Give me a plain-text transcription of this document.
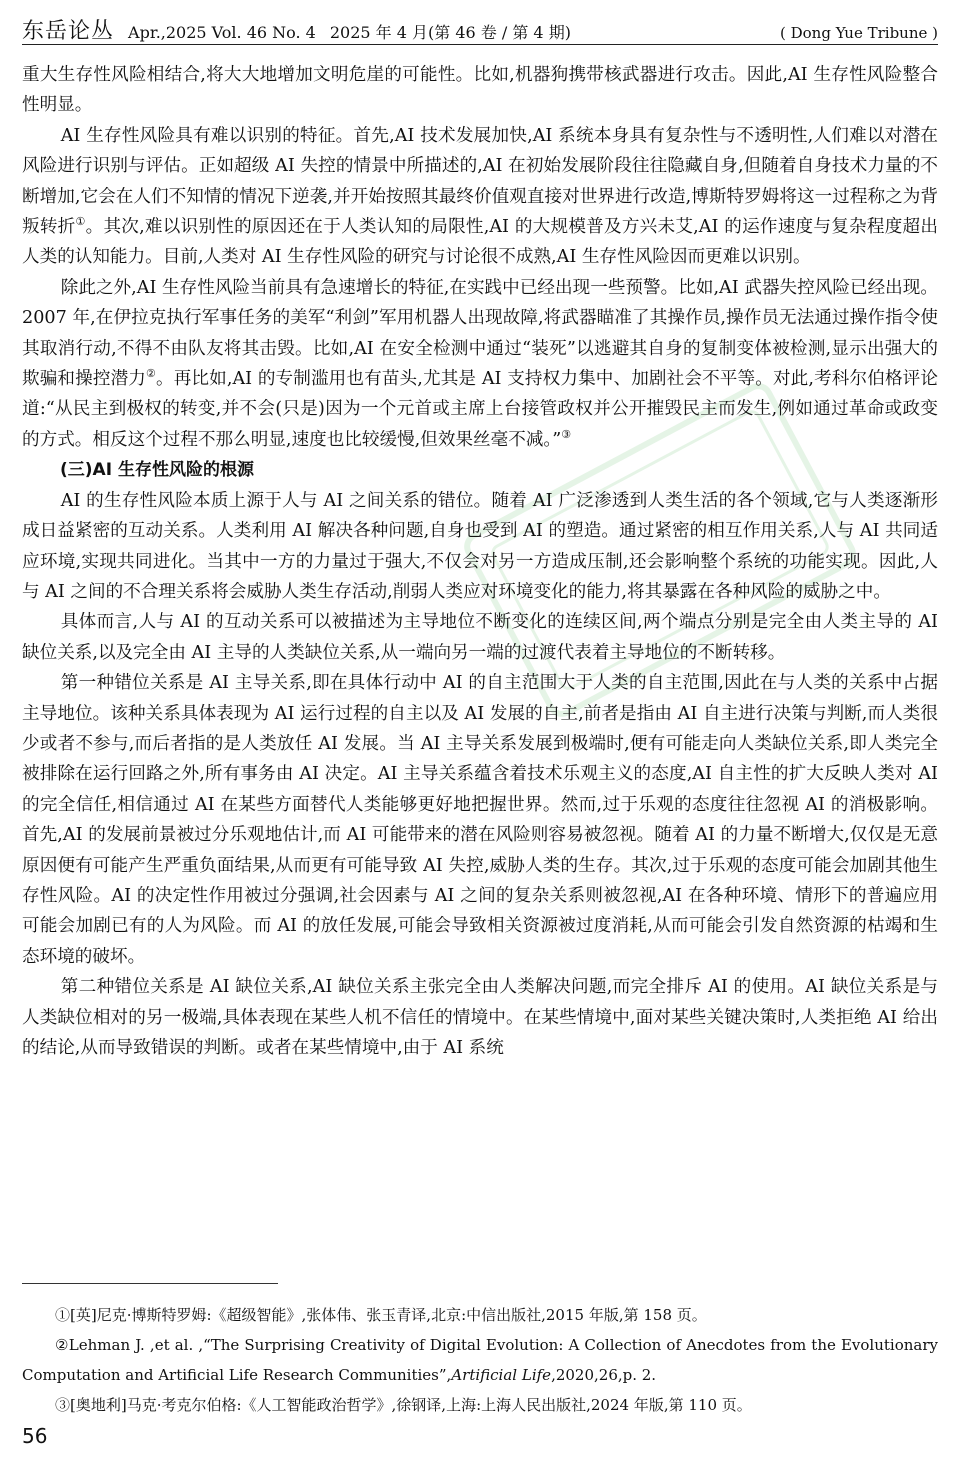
东岳论丛 Apr.,2025 Vol. 46 No. 4 2025 年 4 月(第 46 卷 / 第 4 期)	( Dong Yue Tribune )

重大生存性风险相结合,将大大地增加文明危崖的可能性。比如,机器狗携带核武器进行攻击。因此,AI 生存性风险整合性明显。

AI 生存性风险具有难以识别的特征。首先,AI 技术发展加快,AI 系统本身具有复杂性与不透明性,人们难以对潜在风险进行识别与评估。正如超级 AI 失控的情景中所描述的,AI 在初始发展阶段往往隐藏自身,但随着自身技术力量的不断增加,它会在人们不知情的情况下逆袭,并开始按照其最终价值观直接对世界进行改造,博斯特罗姆将这一过程称之为背叛转折①。其次,难以识别性的原因还在于人类认知的局限性,AI 的大规模普及方兴未艾,AI 的运作速度与复杂程度超出人类的认知能力。目前,人类对 AI 生存性风险的研究与讨论很不成熟,AI 生存性风险因而更难以识别。

除此之外,AI 生存性风险当前具有急速增长的特征,在实践中已经出现一些预警。比如,AI 武器失控风险已经出现。2007 年,在伊拉克执行军事任务的美军“利剑”军用机器人出现故障,将武器瞄准了其操作员,操作员无法通过操作指令使其取消行动,不得不由队友将其击毁。比如,AI 在安全检测中通过“装死”以逃避其自身的复制变体被检测,显示出强大的欺骗和操控潜力②。再比如,AI 的专制滥用也有苗头,尤其是 AI 支持权力集中、加剧社会不平等。对此,考科尔伯格评论道:“从民主到极权的转变,并不会(只是)因为一个元首或主席上台接管政权并公开摧毁民主而发生,例如通过革命或政变的方式。相反这个过程不那么明显,速度也比较缓慢,但效果丝毫不减。”③

(三)AI 生存性风险的根源

AI 的生存性风险本质上源于人与 AI 之间关系的错位。随着 AI 广泛渗透到人类生活的各个领域,它与人类逐渐形成日益紧密的互动关系。人类利用 AI 解决各种问题,自身也受到 AI 的塑造。通过紧密的相互作用关系,人与 AI 共同适应环境,实现共同进化。当其中一方的力量过于强大,不仅会对另一方造成压制,还会影响整个系统的功能实现。因此,人与 AI 之间的不合理关系将会威胁人类生存活动,削弱人类应对环境变化的能力,将其暴露在各种风险的威胁之中。

具体而言,人与 AI 的互动关系可以被描述为主导地位不断变化的连续区间,两个端点分别是完全由人类主导的 AI 缺位关系,以及完全由 AI 主导的人类缺位关系,从一端向另一端的过渡代表着主导地位的不断转移。

第一种错位关系是 AI 主导关系,即在具体行动中 AI 的自主范围大于人类的自主范围,因此在与人类的关系中占据主导地位。该种关系具体表现为 AI 运行过程的自主以及 AI 发展的自主,前者是指由 AI 自主进行决策与判断,而人类很少或者不参与,而后者指的是人类放任 AI 发展。当 AI 主导关系发展到极端时,便有可能走向人类缺位关系,即人类完全被排除在运行回路之外,所有事务由 AI 决定。AI 主导关系蕴含着技术乐观主义的态度,AI 自主性的扩大反映人类对 AI 的完全信任,相信通过 AI 在某些方面替代人类能够更好地把握世界。然而,过于乐观的态度往往忽视 AI 的消极影响。首先,AI 的发展前景被过分乐观地估计,而 AI 可能带来的潜在风险则容易被忽视。随着 AI 的力量不断增大,仅仅是无意原因便有可能产生严重负面结果,从而更有可能导致 AI 失控,威胁人类的生存。其次,过于乐观的态度可能会加剧其他生存性风险。AI 的决定性作用被过分强调,社会因素与 AI 之间的复杂关系则被忽视,AI 在各种环境、情形下的普遍应用可能会加剧已有的人为风险。而 AI 的放任发展,可能会导致相关资源被过度消耗,从而可能会引发自然资源的枯竭和生态环境的破坏。

第二种错位关系是 AI 缺位关系,AI 缺位关系主张完全由人类解决问题,而完全排斥 AI 的使用。AI 缺位关系是与人类缺位相对的另一极端,具体表现在某些人机不信任的情境中。在某些情境中,面对某些关键决策时,人类拒绝 AI 给出的结论,从而导致错误的判断。或者在某些情境中,由于 AI 系统

①[英]尼克·博斯特罗姆:《超级智能》,张体伟、张玉青译,北京:中信出版社,2015 年版,第 158 页。

②Lehman J. ,et al. ,“The Surprising Creativity of Digital Evolution: A Collection of Anecdotes from the Evolutionary Computation and Artificial Life Research Communities”,Artificial Life,2020,26,p. 2.

③[奥地利]马克·考克尔伯格:《人工智能政治哲学》,徐钢译,上海:上海人民出版社,2024 年版,第 110 页。

56
